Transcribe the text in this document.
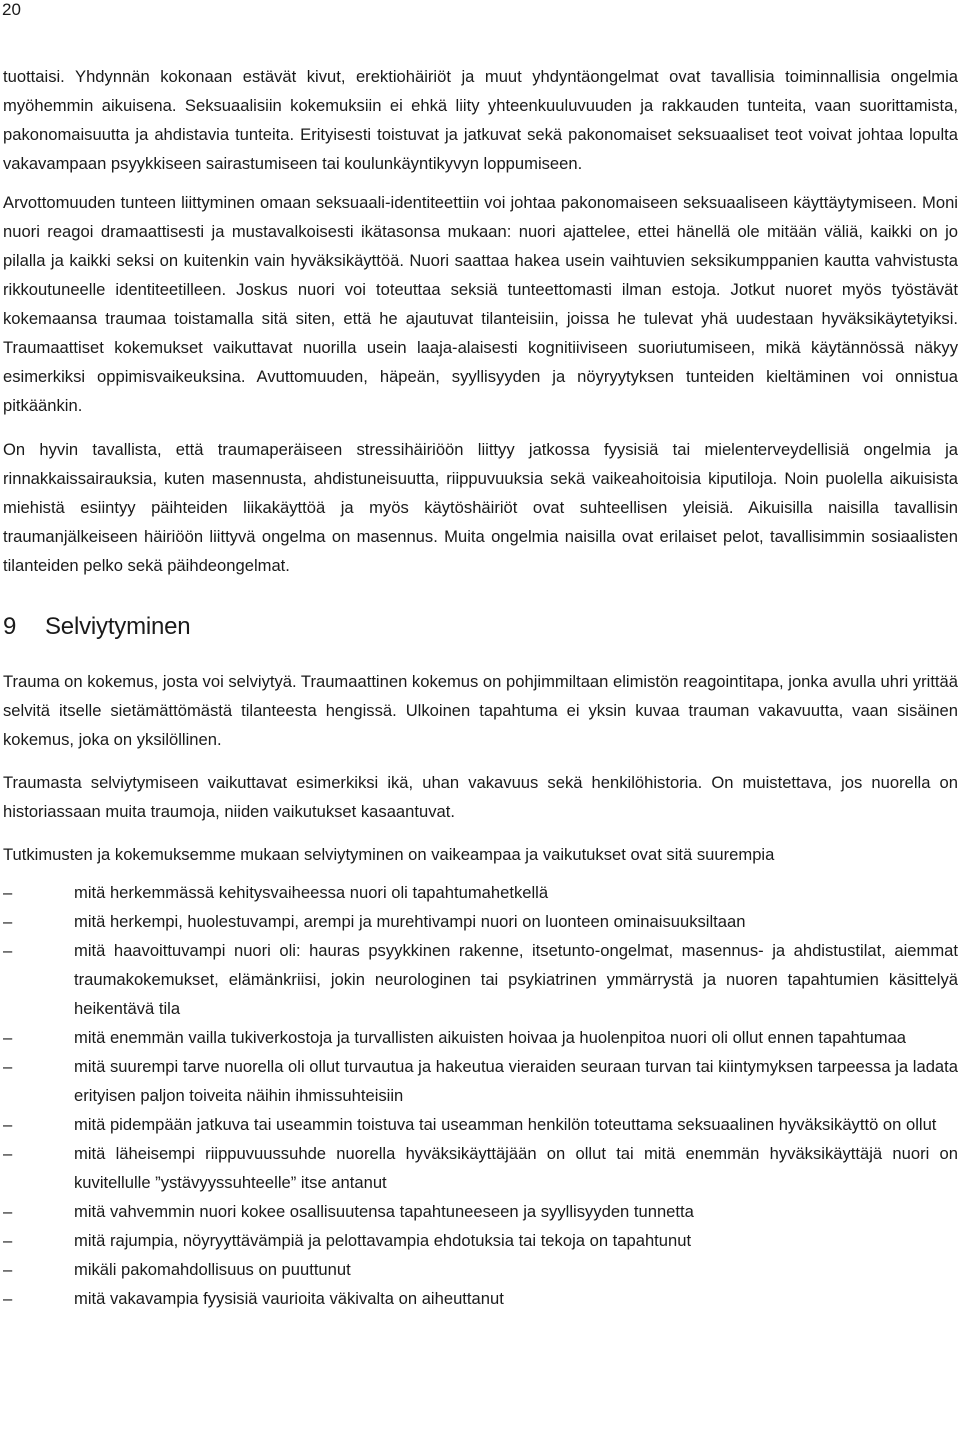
20

tuottaisi. Yhdynnän kokonaan estävät kivut, erektiohäiriöt ja muut yhdyntäongelmat ovat tavallisia toiminnallisia ongelmia myöhemmin aikuisena. Seksuaalisiin kokemuksiin ei ehkä liity yhteenkuuluvuuden ja rakkauden tunteita, vaan suorittamista, pakonomaisuutta ja ahdistavia tunteita. Erityisesti toistuvat ja jatkuvat sekä pakonomaiset seksuaaliset teot voivat johtaa lopulta vakavampaan psyykkiseen sairastumiseen tai koulunkäyntikyvyn loppumiseen.

Arvottomuuden tunteen liittyminen omaan seksuaali-identiteettiin voi johtaa pakonomaiseen seksuaaliseen käyttäytymiseen. Moni nuori reagoi dramaattisesti ja mustavalkoisesti ikätasonsa mukaan: nuori ajattelee, ettei hänellä ole mitään väliä, kaikki on jo pilalla ja kaikki seksi on kuitenkin vain hyväksikäyttöä. Nuori saattaa hakea usein vaihtuvien seksikumppanien kautta vahvistusta rikkoutuneelle identiteetilleen. Joskus nuori voi toteuttaa seksiä tunteettomasti ilman estoja. Jotkut nuoret myös työstävät kokemaansa traumaa toistamalla sitä siten, että he ajautuvat tilanteisiin, joissa he tulevat yhä uudestaan hyväksikäytetyiksi. Traumaattiset kokemukset vaikuttavat nuorilla usein laaja-alaisesti kognitiiviseen suoriutumiseen, mikä käytännössä näkyy esimerkiksi oppimisvaikeuksina. Avuttomuuden, häpeän, syyllisyyden ja nöyryytyksen tunteiden kieltäminen voi onnistua pitkäänkin.

On hyvin tavallista, että traumaperäiseen stressihäiriöön liittyy jatkossa fyysisiä tai mielenterveydellisiä ongelmia ja rinnakkaissairauksia, kuten masennusta, ahdistuneisuutta, riippuvuuksia sekä vaikeahoitoisia kiputiloja. Noin puolella aikuisista miehistä esiintyy päihteiden liikakäyttöä ja myös käytöshäiriöt ovat suhteellisen yleisiä. Aikuisilla naisilla tavallisin traumanjälkeiseen häiriöön liittyvä ongelma on masennus. Muita ongelmia naisilla ovat erilaiset pelot, tavallisimmin sosiaalisten tilanteiden pelko sekä päihdeongelmat.

9	Selviytyminen

Trauma on kokemus, josta voi selviytyä. Traumaattinen kokemus on pohjimmiltaan elimistön reagointitapa, jonka avulla uhri yrittää selvitä itselle sietämättömästä tilanteesta hengissä. Ulkoinen tapahtuma ei yksin kuvaa trauman vakavuutta, vaan sisäinen kokemus, joka on yksilöllinen.

Traumasta selviytymiseen vaikuttavat esimerkiksi ikä, uhan vakavuus sekä henkilöhistoria. On muistettava, jos nuorella on historiassaan muita traumoja, niiden vaikutukset kasaantuvat.

Tutkimusten ja kokemuksemme mukaan selviytyminen on vaikeampaa ja vaikutukset ovat sitä suurempia

–	mitä herkemmässä kehitysvaiheessa nuori oli tapahtumahetkellä
–	mitä herkempi, huolestuvampi, arempi ja murehtivampi nuori on luonteen ominaisuuksiltaan
–	mitä haavoittuvampi nuori oli: hauras psyykkinen rakenne, itsetunto-ongelmat, masennus- ja ahdistustilat, aiemmat traumakokemukset, elämänkriisi, jokin neurologinen tai psykiatrinen ymmärrystä ja nuoren tapahtumien käsittelyä heikentävä tila
–	mitä enemmän vailla tukiverkostoja ja turvallisten aikuisten hoivaa ja huolenpitoa nuori oli ollut ennen tapahtumaa
–	mitä suurempi tarve nuorella oli ollut turvautua ja hakeutua vieraiden seuraan turvan tai kiintymyksen tarpeessa ja ladata erityisen paljon toiveita näihin ihmissuhteisiin
–	mitä pidempään jatkuva tai useammin toistuva tai useamman henkilön toteuttama seksuaalinen hyväksikäyttö on ollut
–	mitä läheisempi riippuvuussuhde nuorella hyväksikäyttäjään on ollut tai mitä enemmän hyväksikäyttäjä nuori on kuvitellulle ”ystävyyssuhteelle” itse antanut
–	mitä vahvemmin nuori kokee osallisuutensa tapahtuneeseen ja syyllisyyden tunnetta
–	mitä rajumpia, nöyryyttävämpiä ja pelottavampia ehdotuksia tai tekoja on tapahtunut
–	mikäli pakomahdollisuus on puuttunut
–	mitä vakavampia fyysisiä vaurioita väkivalta on aiheuttanut
